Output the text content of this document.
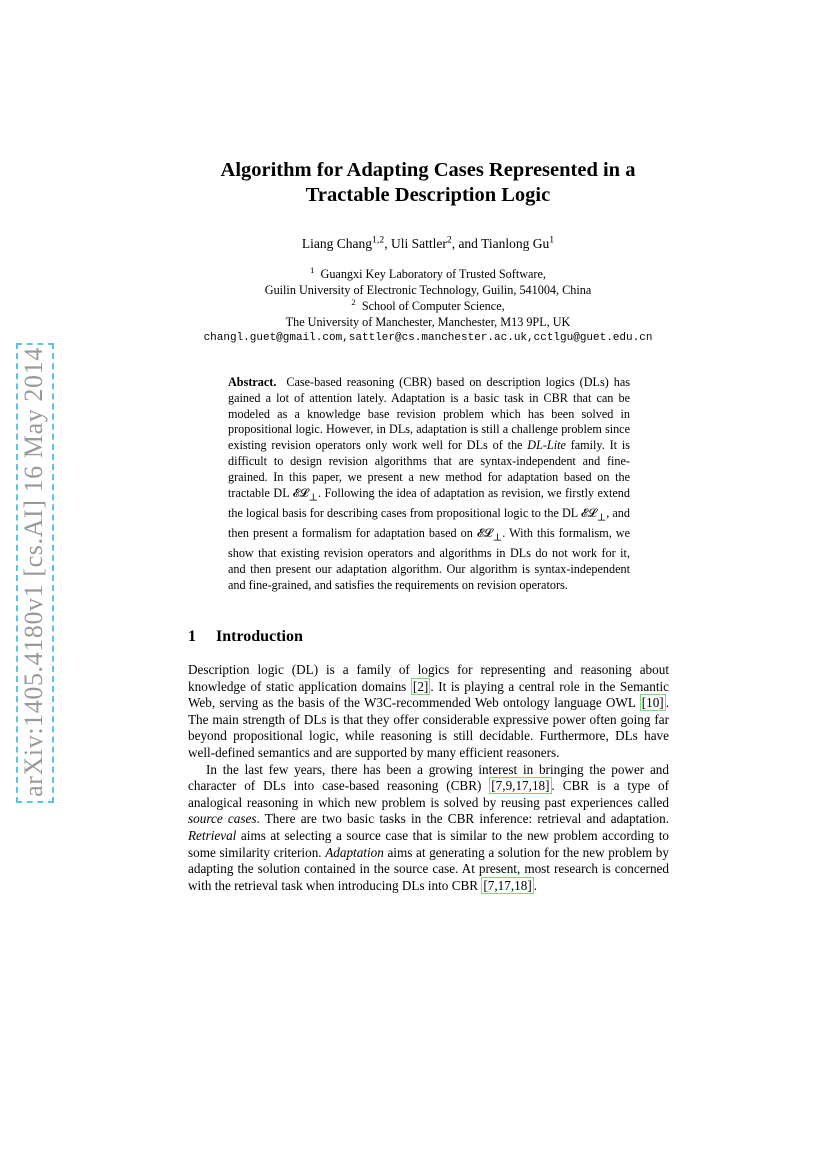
arXiv:1405.4180v1 [cs.AI] 16 May 2014
Algorithm for Adapting Cases Represented in a
Tractable Description Logic
Liang Chang$^{1,2}$, Uli Sattler$^2$, and Tianlong Gu$^1$
$^1$ Guangxi Key Laboratory of Trusted Software,
Guilin University of Electronic Technology, Guilin, 541004, China
$^2$ School of Computer Science,
The University of Manchester, Manchester, M13 9PL, UK
changl.guet@gmail.com,sattler@cs.manchester.ac.uk,cctlgu@guet.edu.cn

Abstract. Case-based reasoning (CBR) based on description logics (DLs) has gained a lot of attention lately. Adaptation is a basic task in CBR that can be modeled as a knowledge base revision problem which has been solved in propositional logic. However, in DLs, adaptation is still a challenge problem since existing revision operators only work well for DLs of the DL-Lite family. It is difficult to design revision algorithms that are syntax-independent and fine-grained. In this paper, we present a new method for adaptation based on the tractable DL 𝓔𝓛$_\perp$. Following the idea of adaptation as revision, we firstly extend the logical basis for describing cases from propositional logic to the DL 𝓔𝓛$_\perp$, and then present a formalism for adaptation based on 𝓔𝓛$_\perp$. With this formalism, we show that existing revision operators and algorithms in DLs do not work for it, and then present our adaptation algorithm. Our algorithm is syntax-independent and fine-grained, and satisfies the requirements on revision operators.

1 Introduction

Description logic (DL) is a family of logics for representing and reasoning about knowledge of static application domains [2] . It is playing a central role in the Semantic Web, serving as the basis of the W3C-recommended Web ontology language OWL [10] . The main strength of DLs is that they offer considerable expressive power often going far beyond propositional logic, while reasoning is still decidable. Furthermore, DLs have well-defined semantics and are supported by many efficient reasoners.

In the last few years, there has been a growing interest in bringing the power and character of DLs into case-based reasoning (CBR) [7,9,17,18] . CBR is a type of analogical reasoning in which new problem is solved by reusing past experiences called source cases. There are two basic tasks in the CBR inference: retrieval and adaptation. Retrieval aims at selecting a source case that is similar to the new problem according to some similarity criterion. Adaptation aims at generating a solution for the new problem by adapting the solution contained in the source case. At present, most research is concerned with the retrieval task when introducing DLs into CBR [7,17,18] .
